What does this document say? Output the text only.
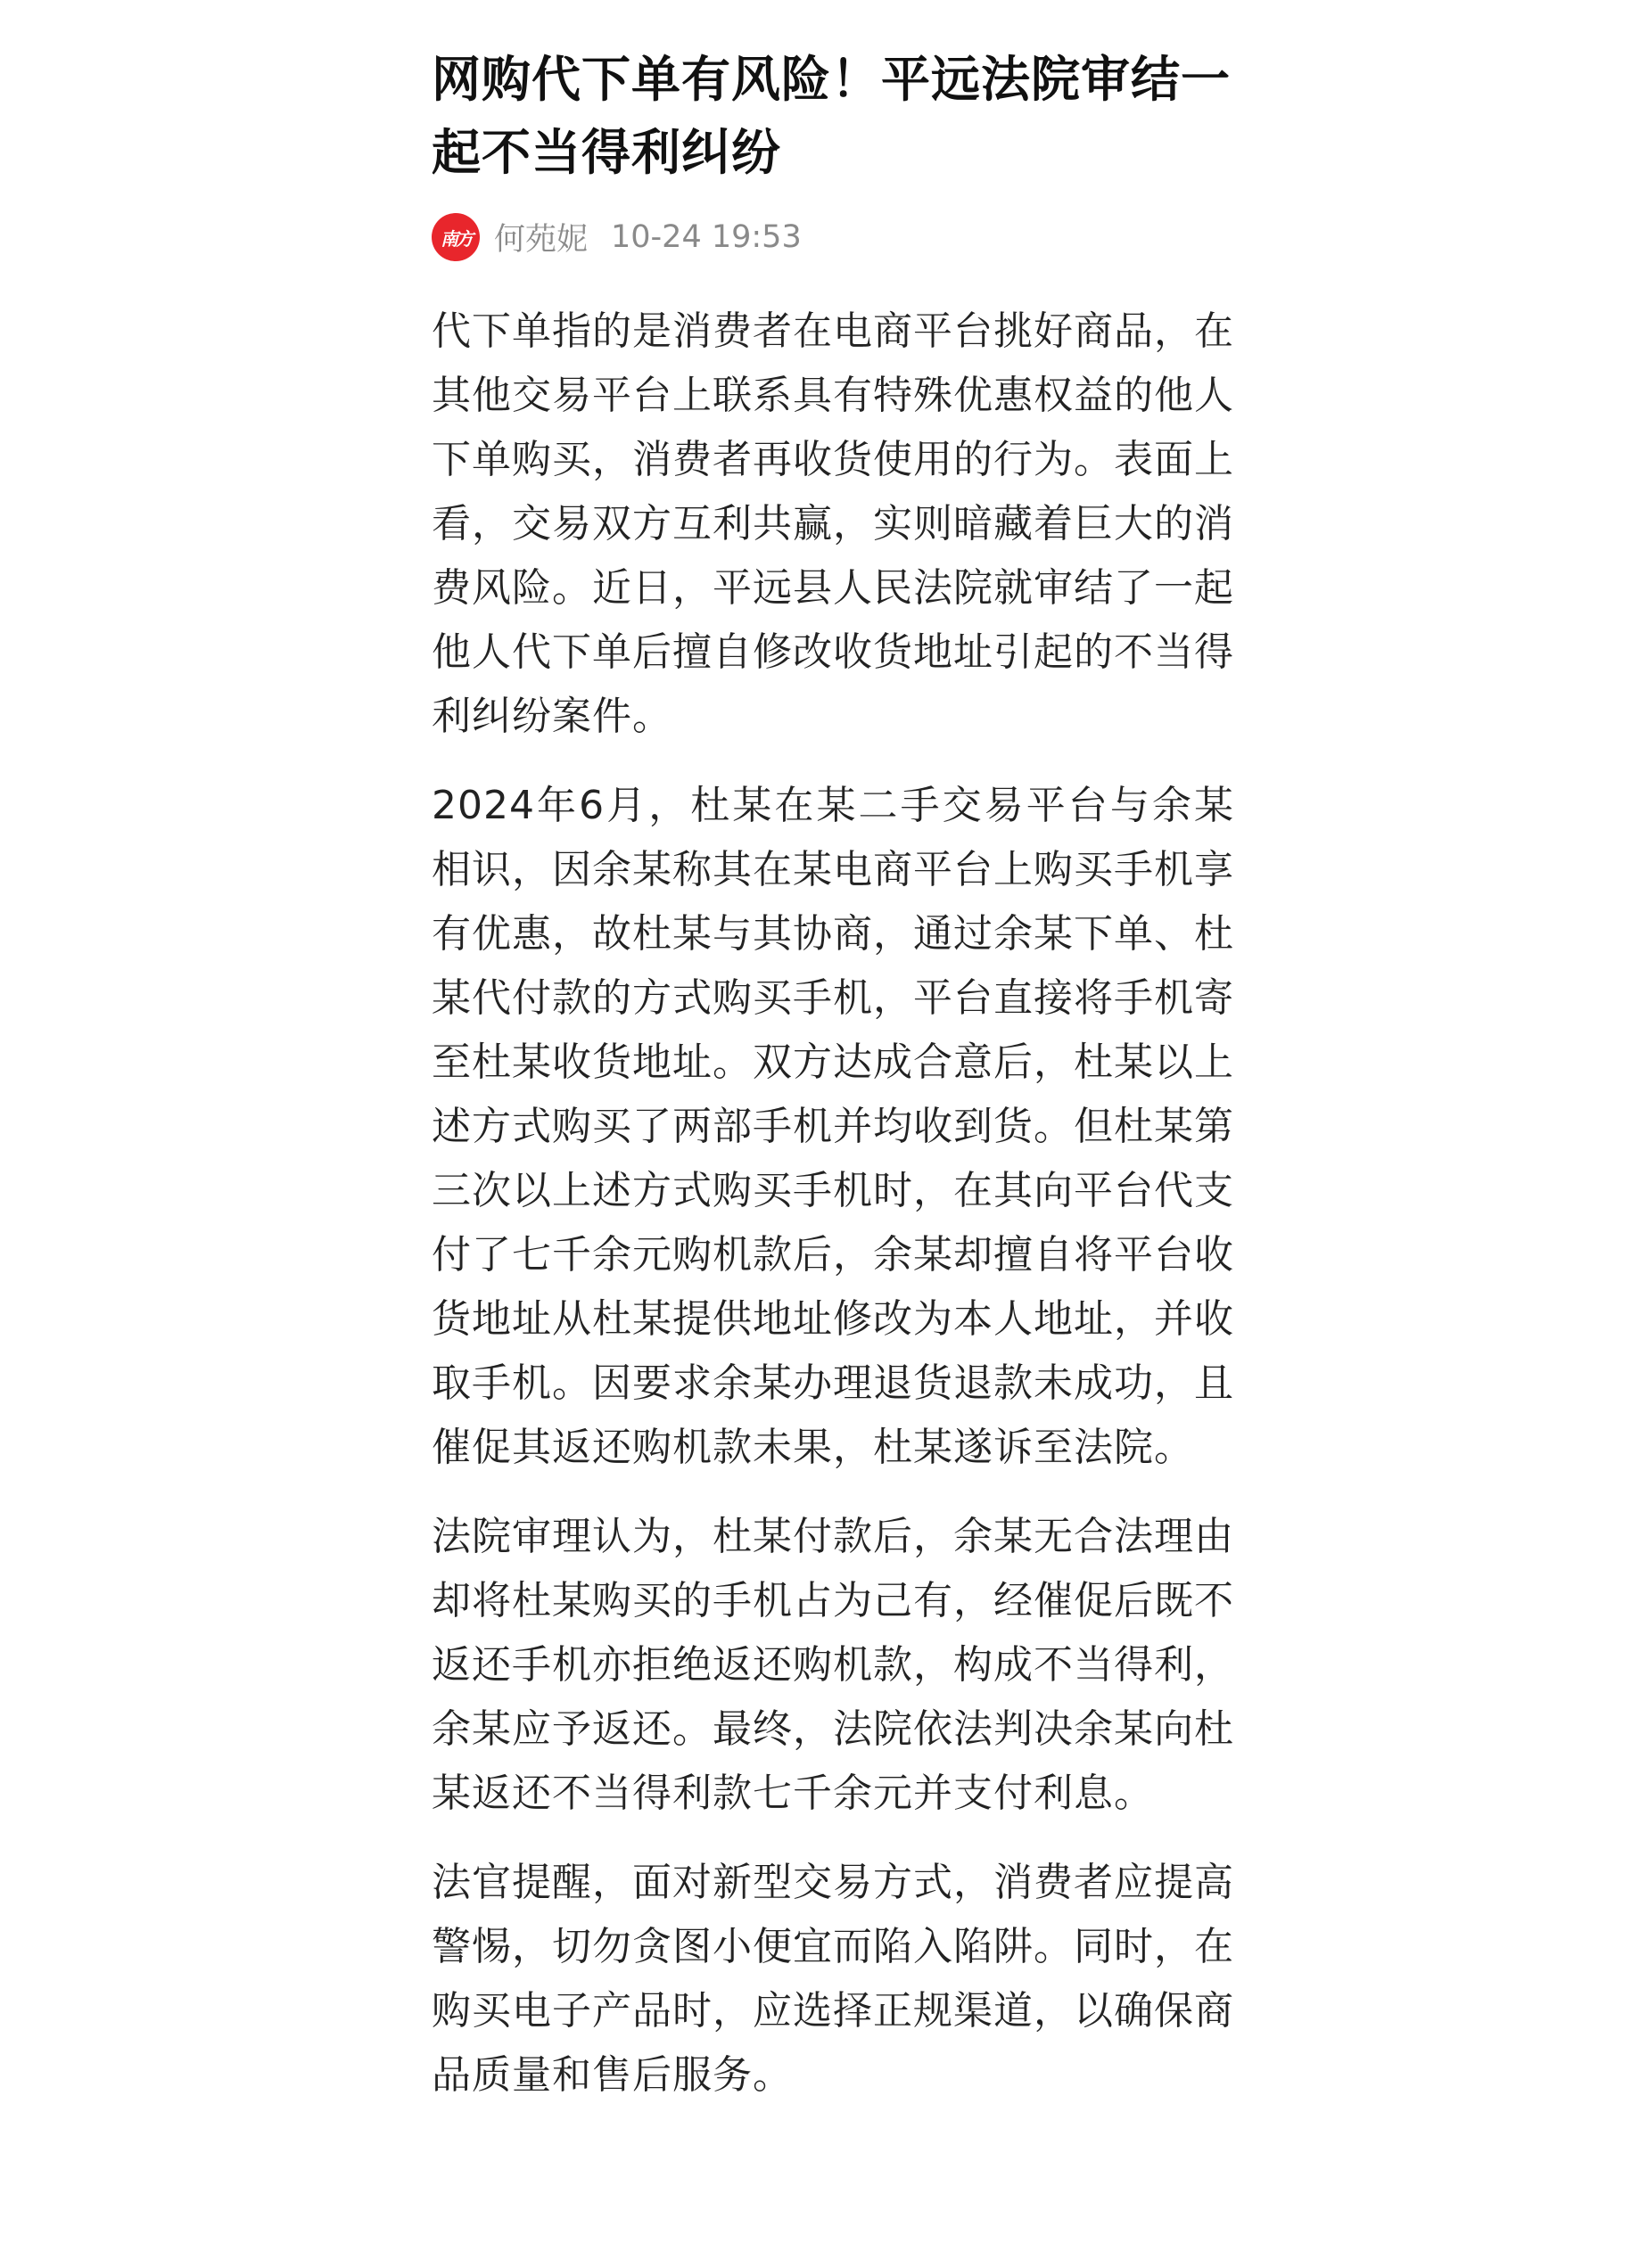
网购代下单有风险！平远法院审结一起不当得利纠纷
南方 何苑妮 10-24 19:53

代下单指的是消费者在电商平台挑好商品，在其他交易平台上联系具有特殊优惠权益的他人下单购买，消费者再收货使用的行为。表面上看，交易双方互利共赢，实则暗藏着巨大的消费风险。近日，平远县人民法院就审结了一起他人代下单后擅自修改收货地址引起的不当得利纠纷案件。

2024年6月，杜某在某二手交易平台与余某相识，因余某称其在某电商平台上购买手机享有优惠，故杜某与其协商，通过余某下单、杜某代付款的方式购买手机，平台直接将手机寄至杜某收货地址。双方达成合意后，杜某以上述方式购买了两部手机并均收到货。但杜某第三次以上述方式购买手机时，在其向平台代支付了七千余元购机款后，余某却擅自将平台收货地址从杜某提供地址修改为本人地址，并收取手机。因要求余某办理退货退款未成功，且催促其返还购机款未果，杜某遂诉至法院。

法院审理认为，杜某付款后，余某无合法理由却将杜某购买的手机占为己有，经催促后既不返还手机亦拒绝返还购机款，构成不当得利，余某应予返还。最终，法院依法判决余某向杜某返还不当得利款七千余元并支付利息。

法官提醒，面对新型交易方式，消费者应提高警惕，切勿贪图小便宜而陷入陷阱。同时，在购买电子产品时，应选择正规渠道，以确保商品质量和售后服务。
